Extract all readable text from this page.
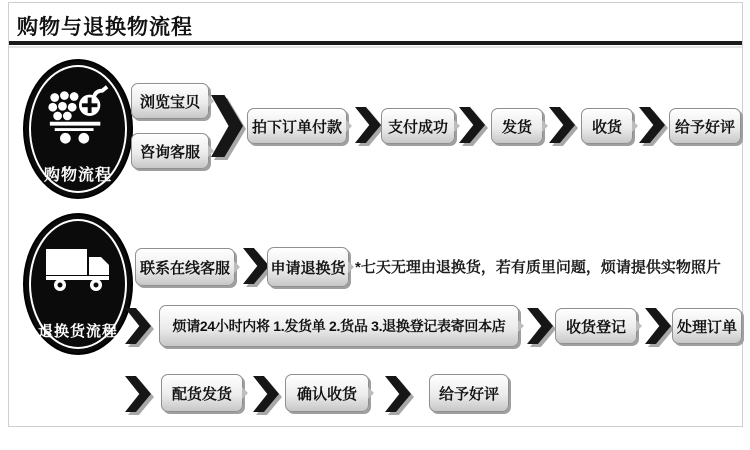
购物与退换物流程
购物流程
浏览宝贝
咨询客服
拍下订单付款	支付成功	发货	收货	给予好评
退换货流程
联系在线客服	申请退换货 *七天无理由退换货，若有质里问题，烦请提供实物照片
烦请24小时内将 1.发货单 2.货品 3.退换登记表寄回本店	收货登记	处理订单
配货发货	确认收货	给予好评
